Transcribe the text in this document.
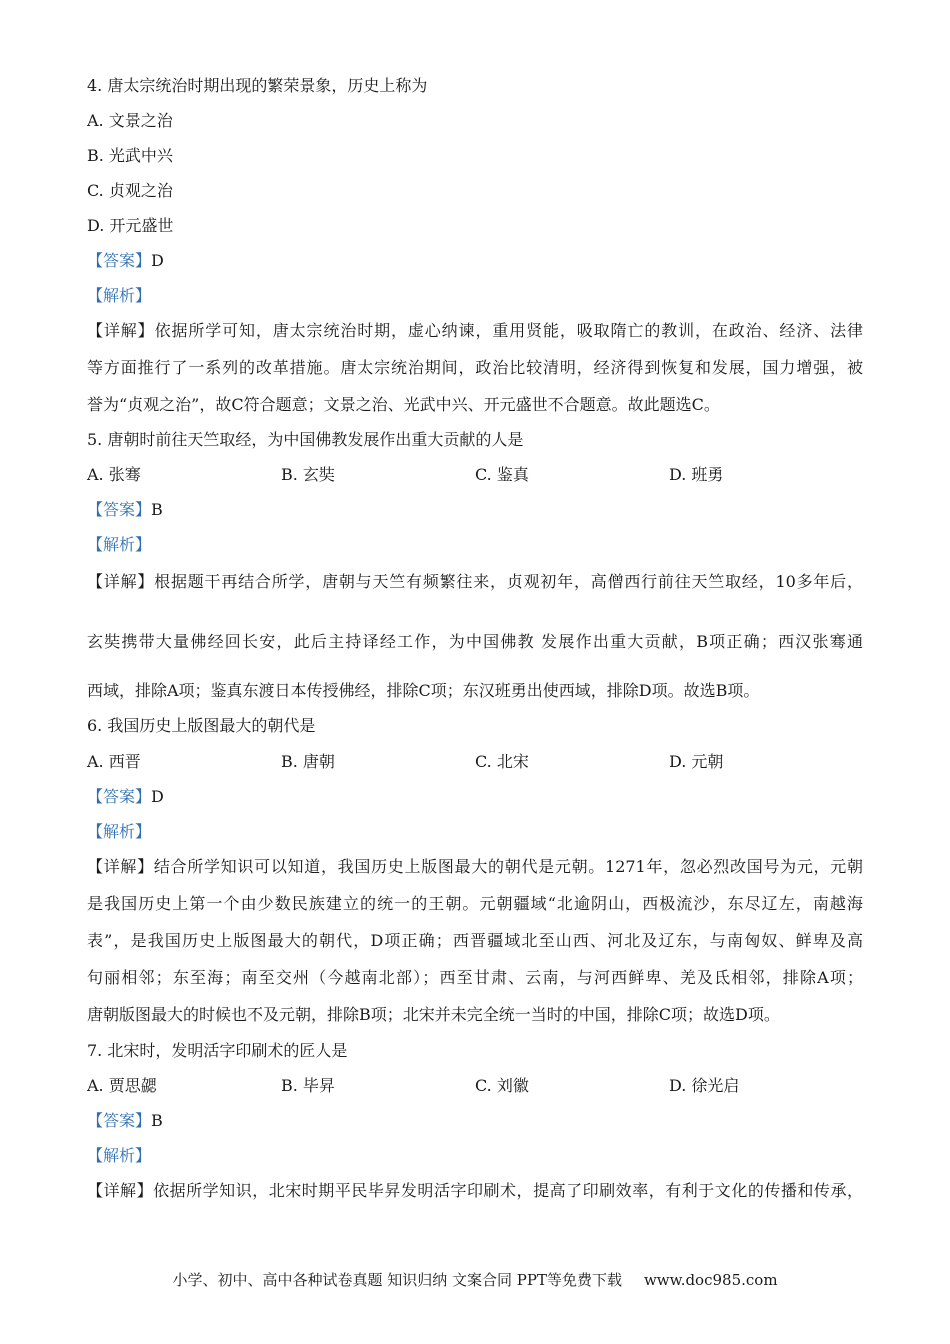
4. 唐太宗统治时期出现的繁荣景象，历史上称为
A. 文景之治
B. 光武中兴
C. 贞观之治
D. 开元盛世
【答案】D
【解析】
【详解】依据所学可知，唐太宗统治时期，虚心纳谏，重用贤能，吸取隋亡的教训，在政治、经济、法律
等方面推行了一系列的改革措施。唐太宗统治期间，政治比较清明，经济得到恢复和发展，国力增强，被
誉为“贞观之治”，故C符合题意；文景之治、光武中兴、开元盛世不合题意。故此题选C。
5. 唐朝时前往天竺取经，为中国佛教发展作出重大贡献的人是
A. 张骞	B. 玄奘	C. 鉴真	D. 班勇
【答案】B
【解析】
【详解】根据题干再结合所学，唐朝与天竺有频繁往来，贞观初年，高僧西行前往天竺取经，10多年后，
玄奘携带大量佛经回长安，此后主持译经工作，为中国佛教 发展作出重大贡献，B项正确；西汉张骞通
西域，排除A项；鉴真东渡日本传授佛经，排除C项；东汉班勇出使西域，排除D项。故选B项。
6. 我国历史上版图最大的朝代是
A. 西晋	B. 唐朝	C. 北宋	D. 元朝
【答案】D
【解析】
【详解】结合所学知识可以知道，我国历史上版图最大的朝代是元朝。1271年，忽必烈改国号为元，元朝
是我国历史上第一个由少数民族建立的统一的王朝。元朝疆域“北逾阴山，西极流沙，东尽辽左，南越海
表”，是我国历史上版图最大的朝代，D项正确；西晋疆域北至山西、河北及辽东，与南匈奴、鲜卑及高
句丽相邻；东至海；南至交州（今越南北部）；西至甘肃、云南，与河西鲜卑、羌及氐相邻，排除A项；
唐朝版图最大的时候也不及元朝，排除B项；北宋并未完全统一当时的中国，排除C项；故选D项。
7. 北宋时，发明活字印刷术的匠人是
A. 贾思勰	B. 毕昇	C. 刘徽	D. 徐光启
【答案】B
【解析】
【详解】依据所学知识，北宋时期平民毕昇发明活字印刷术，提高了印刷效率，有利于文化的传播和传承，
小学、初中、高中各种试卷真题 知识归纳 文案合同 PPT等免费下载 www.doc985.com
